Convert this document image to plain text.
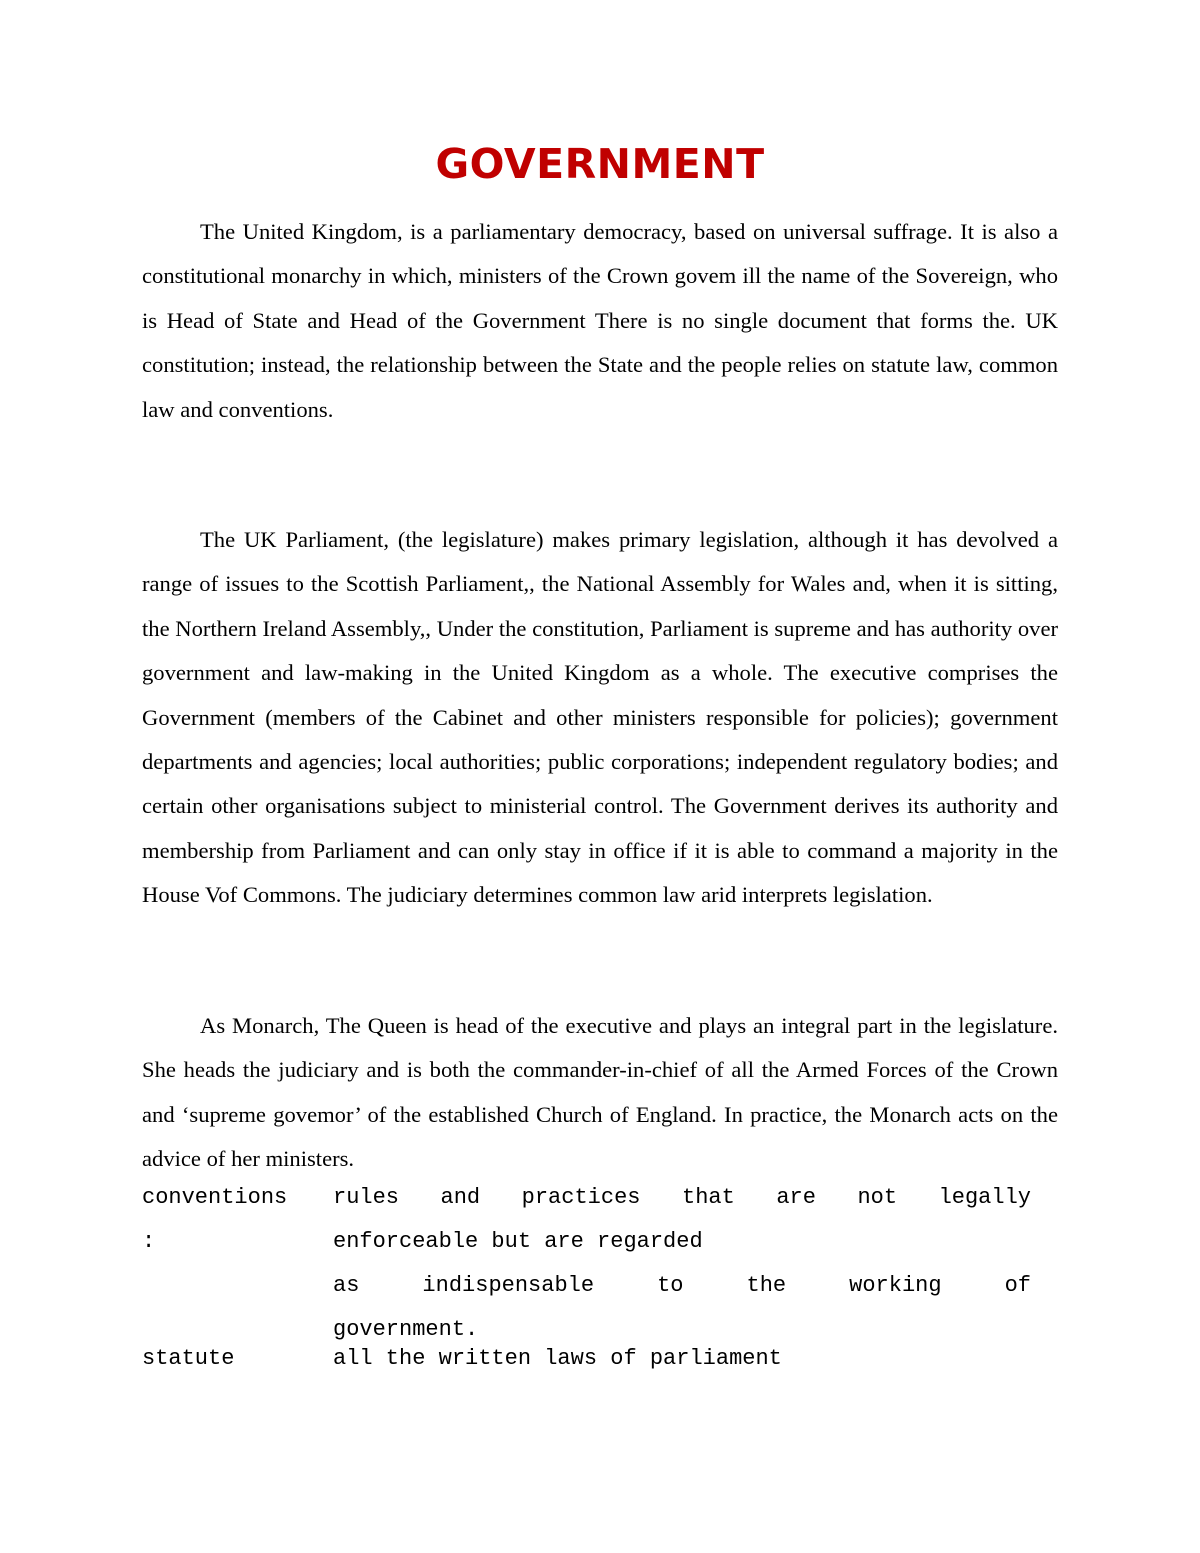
GOVERNMENT

The United Kingdom, is a parliamentary democracy, based on universal suffrage. It is also a constitutional monarchy in which, ministers of the Crown govem ill the name of the Sovereign, who is Head of State and Head of the Government There is no single document that forms the. UK constitution; instead, the relationship between the State and the people relies on statute law, common law and conventions.

The UK Parliament, (the legislature) makes primary legislation, although it has devolved a range of issues to the Scottish Parliament,, the National Assembly for Wales and, when it is sitting, the Northern Ireland Assembly,, Under the constitution, Parliament is supreme and has authority over government and law-making in the United Kingdom as a whole. The executive comprises the Government (members of the Cabinet and other ministers responsible for policies); government departments and agencies; local authorities; public corporations; independent regulatory bodies; and certain other organisations subject to ministerial control. The Government derives its authority and membership from Parliament and can only stay in office if it is able to command a majority in the House Vof Commons. The judiciary determines common law arid interprets legislation.

As Monarch, The Queen is head of the executive and plays an integral part in the legislature. She heads the judiciary and is both the commander-in-chief of all the Armed Forces of the Crown and ‘supreme govemor’ of the established Church of England. In practice, the Monarch acts on the advice of her ministers.

conventions
:
rules and practices that are not legally
enforceable but are regarded
as indispensable to the working of
government.
statute	all the written laws of parliament
